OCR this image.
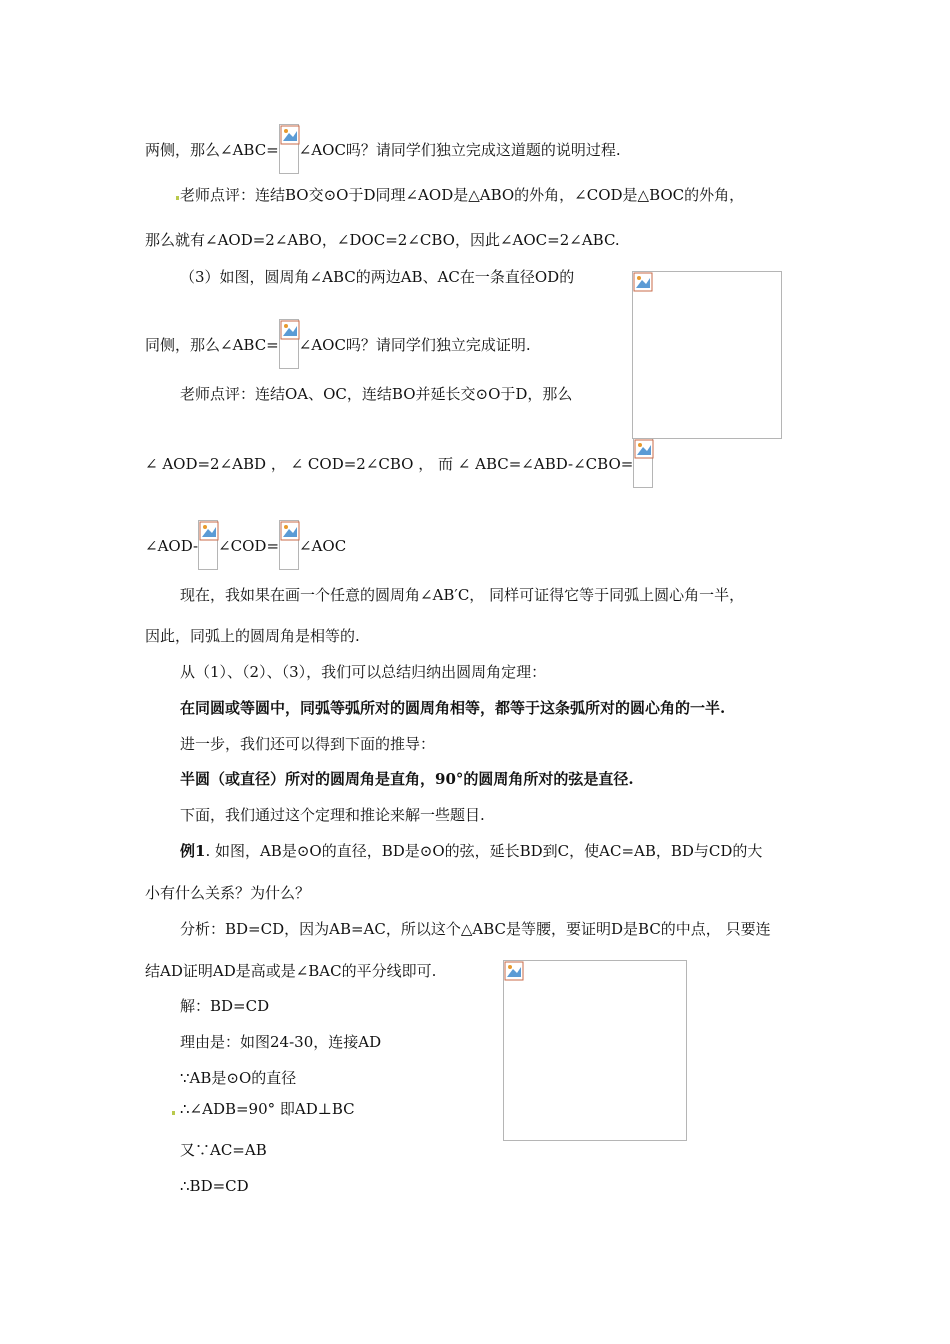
两侧，那么∠ABC= ∠AOC吗？请同学们独立完成这道题的说明过程.
老师点评：连结BO交⊙O于D同理∠AOD是△ABO的外角，∠COD是△BOC的外角，
那么就有∠AOD=2∠ABO，∠DOC=2∠CBO，因此∠AOC=2∠ABC.
（3）如图，圆周角∠ABC的两边AB、AC在一条直径OD的
同侧，那么∠ABC= ∠AOC吗？请同学们独立完成证明.
老师点评：连结OA、OC，连结BO并延长交⊙O于D，那么
∠ AOD=2∠ABD ， ∠ COD=2∠CBO ， 而 ∠ ABC=∠ABD-∠CBO=
∠AOD- ∠COD= ∠AOC
现在，我如果在画一个任意的圆周角∠AB′C， 同样可证得它等于同弧上圆心角一半，
因此，同弧上的圆周角是相等的.
从（1）、（2）、（3），我们可以总结归纳出圆周角定理：
在同圆或等圆中，同弧等弧所对的圆周角相等，都等于这条弧所对的圆心角的一半.
进一步，我们还可以得到下面的推导：
半圆（或直径）所对的圆周角是直角，90°的圆周角所对的弦是直径.
下面，我们通过这个定理和推论来解一些题目.
例1. 如图，AB是⊙O的直径，BD是⊙O的弦，延长BD到C，使AC=AB，BD与CD的大
小有什么关系？为什么？
分析：BD=CD，因为AB=AC，所以这个△ABC是等腰，要证明D是BC的中点， 只要连
结AD证明AD是高或是∠BAC的平分线即可.
解：BD=CD
理由是：如图24-30，连接AD
∵AB是⊙O的直径
∴∠ADB=90° 即AD⊥BC
又∵AC=AB
∴BD=CD
